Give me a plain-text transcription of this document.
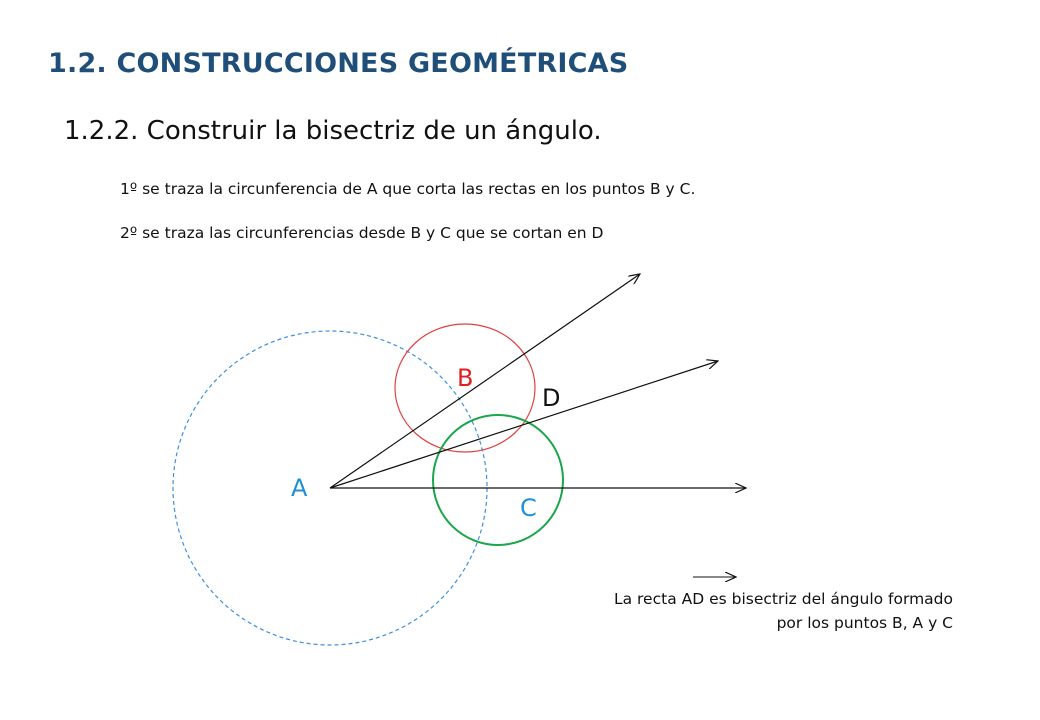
1.2. CONSTRUCCIONES GEOMÉTRICAS
1.2.2. Construir la bisectriz de un ángulo.
1º se traza la circunferencia de A que corta las rectas en los puntos B y C.
2º se traza las circunferencias desde B y C que se cortan en D
A
B
C
D
La recta AD es bisectriz del ángulo formado
por los puntos B, A y C
